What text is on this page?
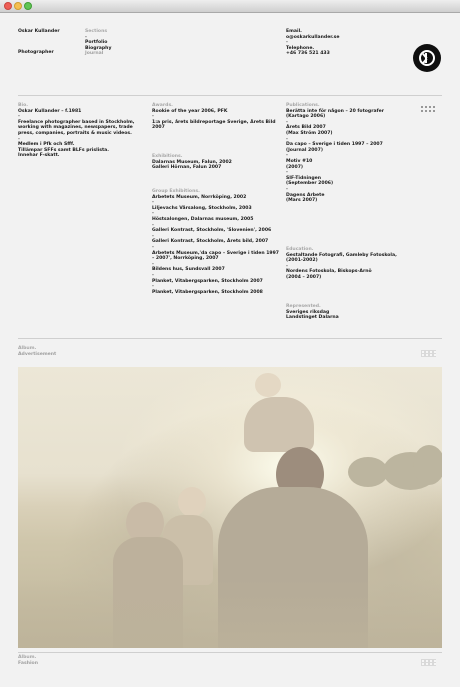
Oskar Kullander
Photographer
Sections
-
Portfolio
Biography
Journal
Email.
o@oskarkullander.se
-
Telephone.
+46 736 521 433
Bio.
Oskar Kullander – f.1981
-
Freelance photographer based in Stockholm,
working with magazines, newspapers, trade
press, companies, portraits & music videos.
-
Medlem i Pfk och Sfff.
Tillämpar SFFs samt BLFs prislista.
Innehar F-skatt.
Awards.
Rookie of the year 2006, PFK
-
1:a pris, årets bildreportage Sverige, Årets Bild
2007
Exhibitions.
Dalarnas Museum, Falun, 2002
Galleri Hörnan, Falun 2007
Group Exhibitions.
Arbetets Museum, Norrköping, 2002
-
Liljevachs Vårsalong, Stockholm, 2003
-
Höstsalongen, Dalarnas museum, 2005
-
Galleri Kontrast, Stockholm, 'Slovenien', 2006
-
Galleri Kontrast, Stockholm, Årets bild, 2007
-
Arbetets Museum,'da capo – Sverige i tiden 1997
– 2007', Norrköping, 2007
-
Bildens hus, Sundsvall 2007
-
Planket, Vitabergsparken, Stockholm 2007
-
Planket, Vitabergsparken, Stockholm 2008
Publications.
Berätta inte för någon – 20 fotografer
(Kartago 2006)
-
Årets Bild 2007
(Max Ström 2007)
-
Da capo – Sverige i tiden 1997 – 2007
(Journal 2007)
-
Motiv #10
(2007)
-
SIF-Tidningen
(September 2006)
-
Dagens Arbete
(Mars 2007)
Education.
Gestaltande Fotografi, Gamleby Fotoskola,
(2001-2002)
-
Nordens Fotoskola, Biskops-Arnö
(2004 – 2007)
Represented.
Sveriges riksdag
Landstinget Dalarna
Album.
Advertisement
Album.
Fashion
